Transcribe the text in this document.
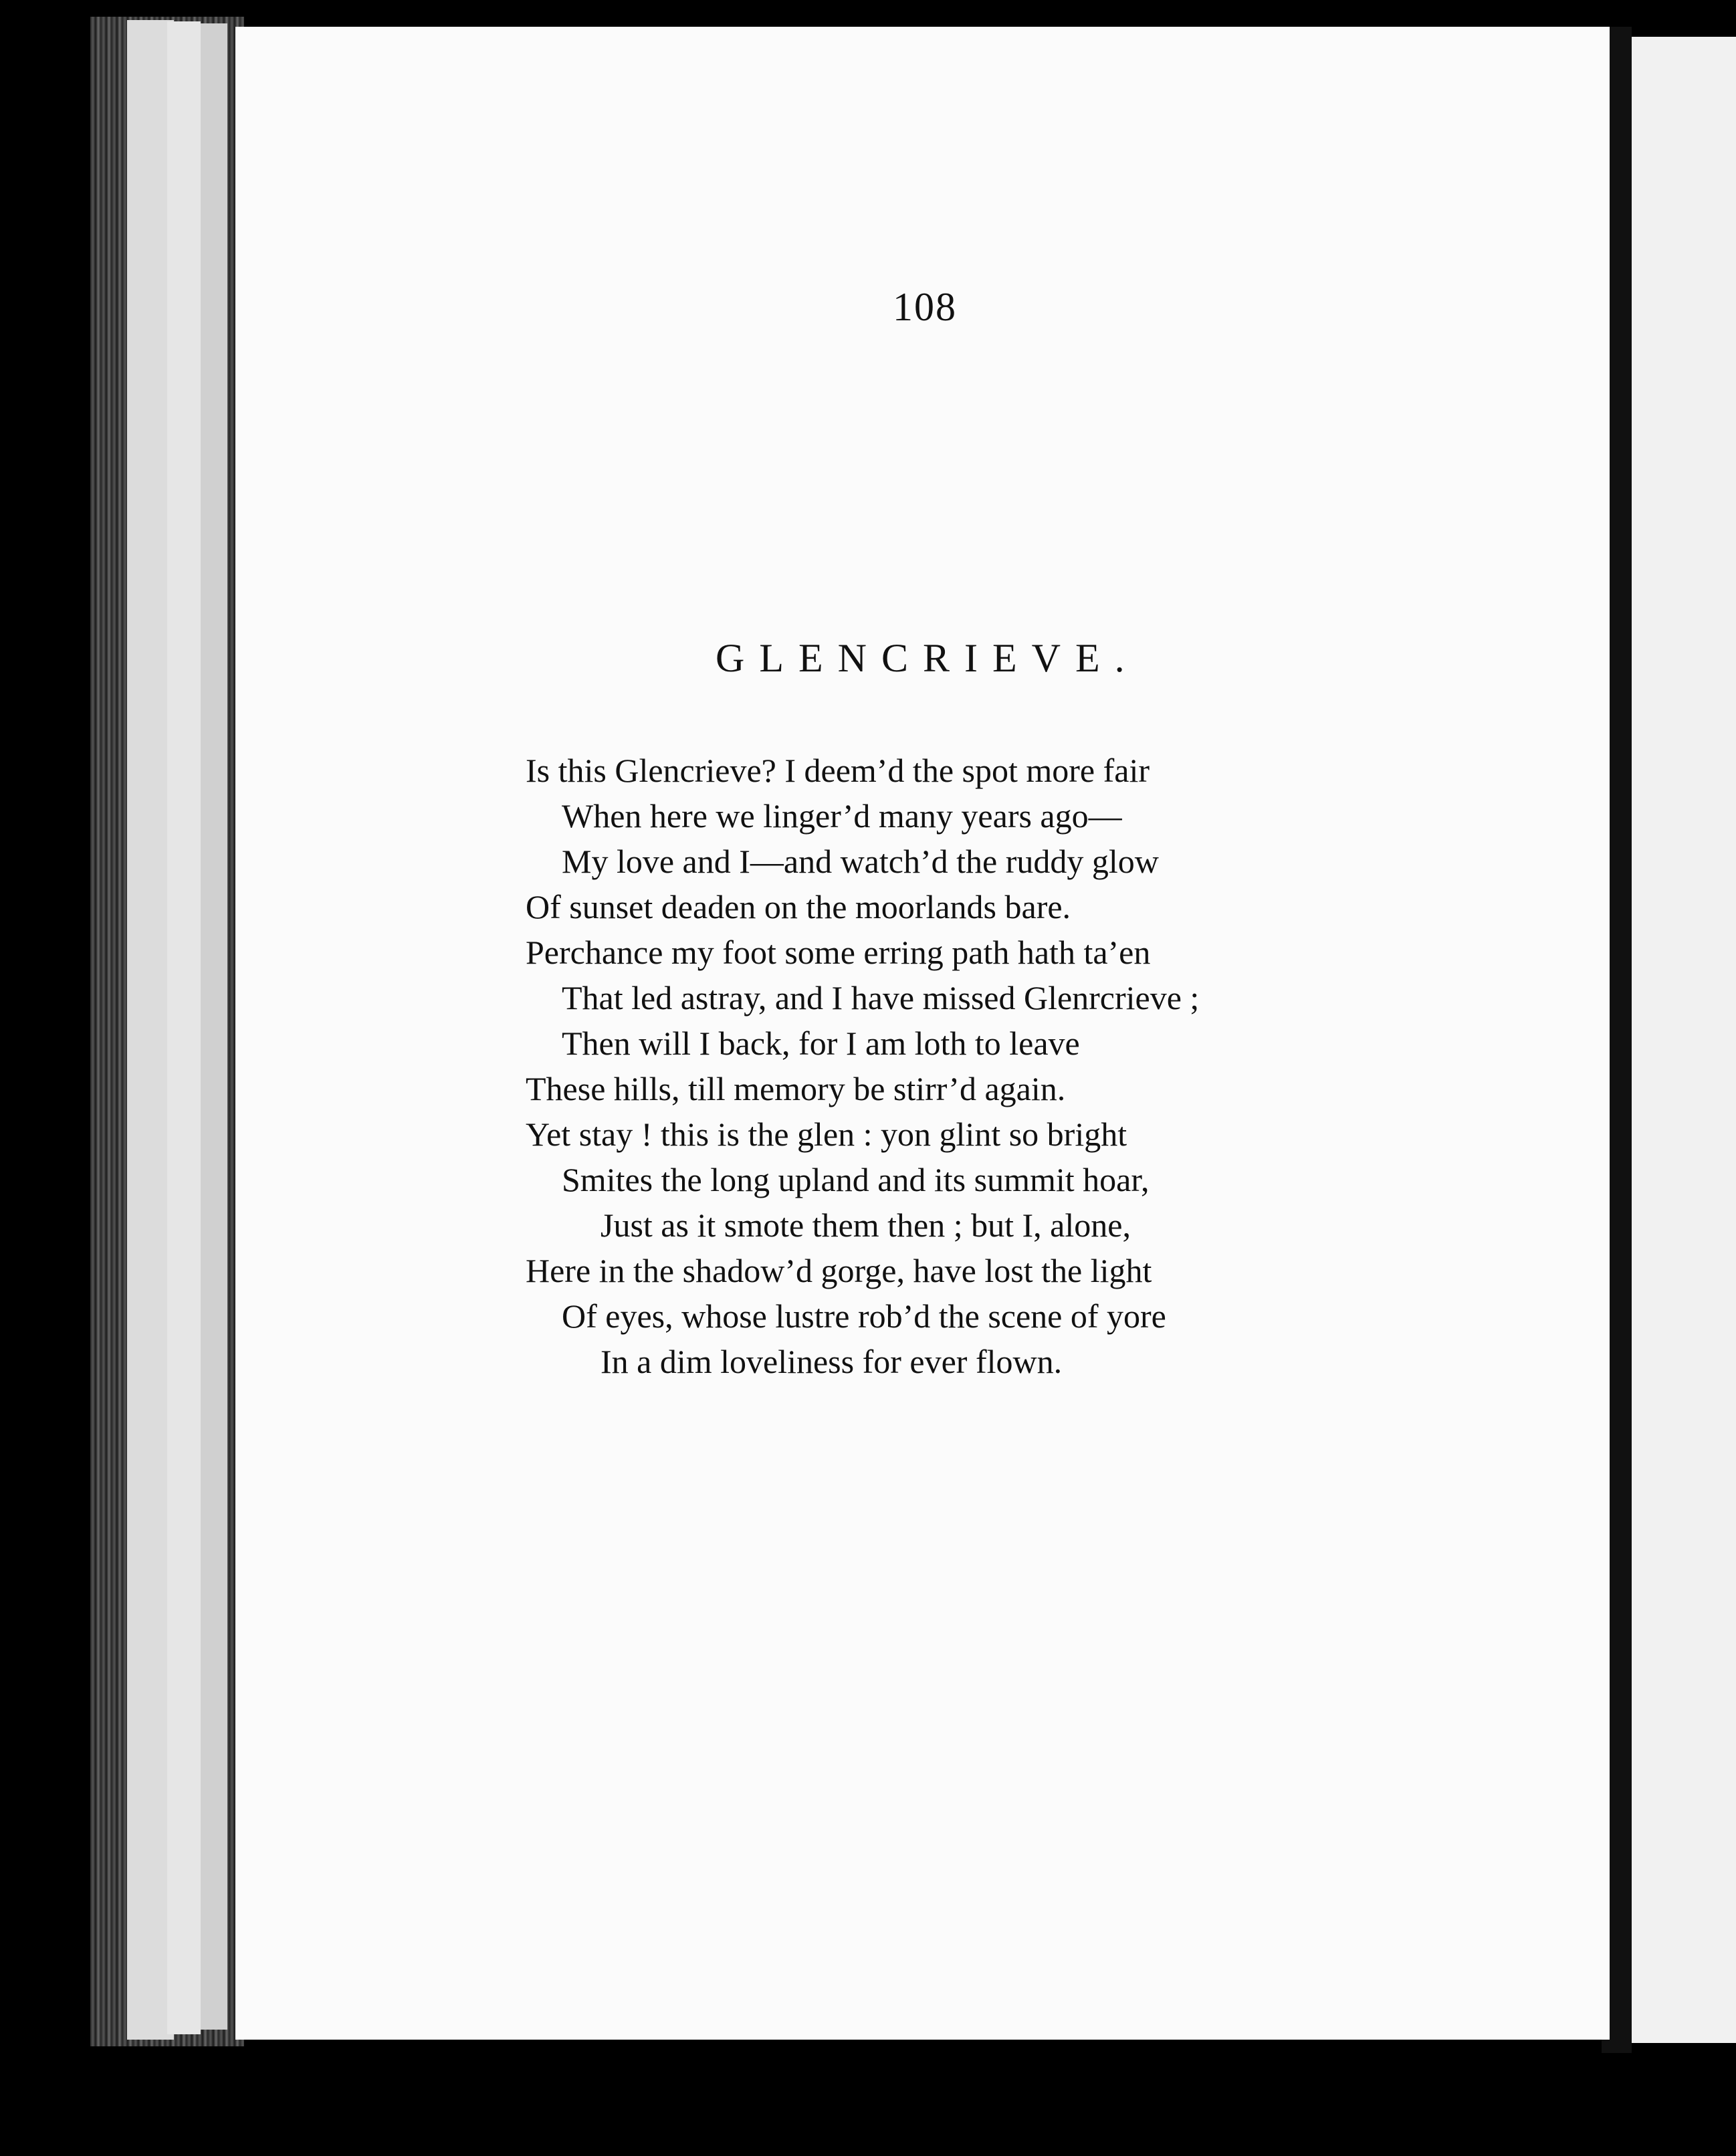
108
GLENCRIEVE.
Is this Glencrieve? I deem’d the spot more fair
When here we linger’d many years ago—
My love and I—and watch’d the ruddy glow
Of sunset deaden on the moorlands bare.
Perchance my foot some erring path hath ta’en
That led astray, and I have missed Glenrcrieve ;
Then will I back, for I am loth to leave
These hills, till memory be stirr’d again.
Yet stay ! this is the glen : yon glint so bright
Smites the long upland and its summit hoar,
Just as it smote them then ; but I, alone,
Here in the shadow’d gorge, have lost the light
Of eyes, whose lustre rob’d the scene of yore
In a dim loveliness for ever flown.
